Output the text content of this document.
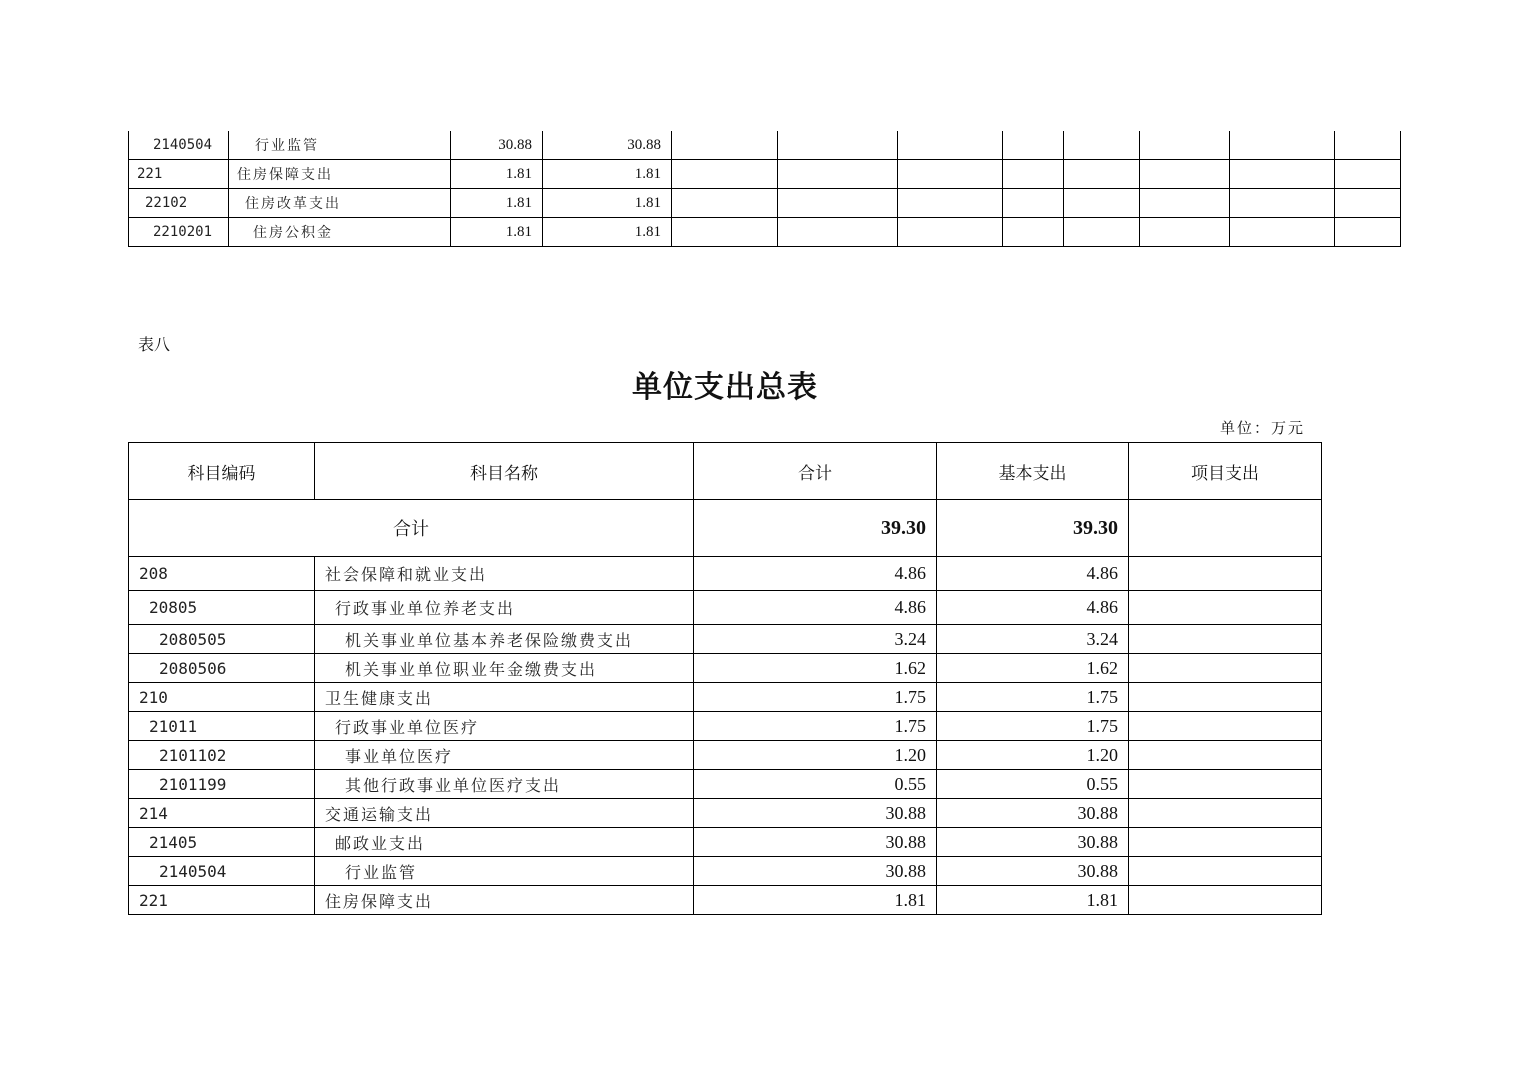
2140504	行业监管	30.88	30.88								
221	住房保障支出	1.81	1.81								
22102	住房改革支出	1.81	1.81								
2210201	住房公积金	1.81	1.81								
表八
单位支出总表
单位：万元
科目编码	科目名称	合计	基本支出	项目支出
合计		39.30	39.30	
208	社会保障和就业支出	4.86	4.86	
20805	行政事业单位养老支出	4.86	4.86	
2080505	机关事业单位基本养老保险缴费支出	3.24	3.24	
2080506	机关事业单位职业年金缴费支出	1.62	1.62	
210	卫生健康支出	1.75	1.75	
21011	行政事业单位医疗	1.75	1.75	
2101102	事业单位医疗	1.20	1.20	
2101199	其他行政事业单位医疗支出	0.55	0.55	
214	交通运输支出	30.88	30.88	
21405	邮政业支出	30.88	30.88	
2140504	行业监管	30.88	30.88	
221	住房保障支出	1.81	1.81	
